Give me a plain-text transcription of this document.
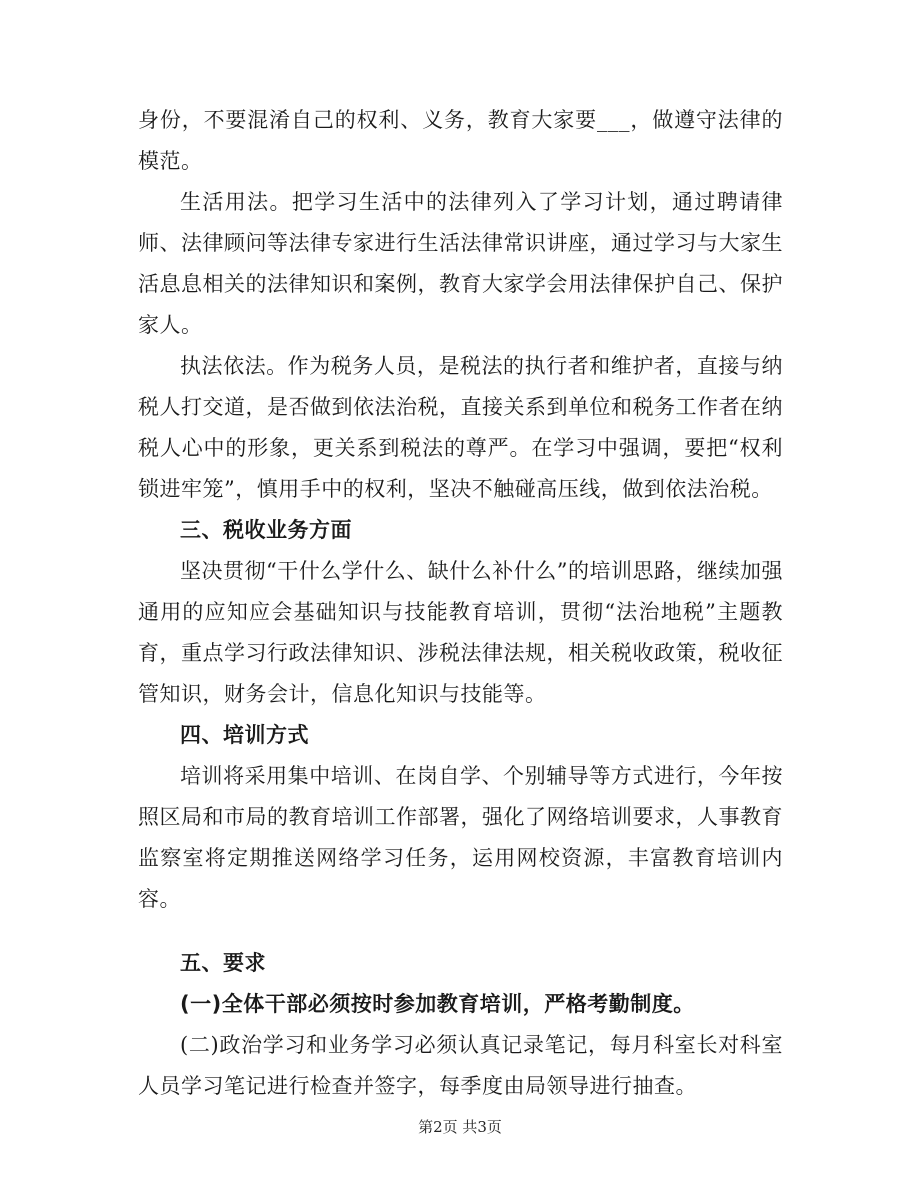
身份，不要混淆自己的权利、义务，教育大家要___，做遵守法律的模范。

生活用法。把学习生活中的法律列入了学习计划，通过聘请律师、法律顾问等法律专家进行生活法律常识讲座，通过学习与大家生活息息相关的法律知识和案例，教育大家学会用法律保护自己、保护家人。

执法依法。作为税务人员，是税法的执行者和维护者，直接与纳税人打交道，是否做到依法治税，直接关系到单位和税务工作者在纳税人心中的形象，更关系到税法的尊严。在学习中强调，要把“权利锁进牢笼”，慎用手中的权利，坚决不触碰高压线，做到依法治税。

三、税收业务方面

坚决贯彻“干什么学什么、缺什么补什么”的培训思路，继续加强通用的应知应会基础知识与技能教育培训，贯彻“法治地税”主题教育，重点学习行政法律知识、涉税法律法规，相关税收政策，税收征管知识，财务会计，信息化知识与技能等。

四、培训方式

培训将采用集中培训、在岗自学、个别辅导等方式进行，今年按照区局和市局的教育培训工作部署，强化了网络培训要求，人事教育监察室将定期推送网络学习任务，运用网校资源，丰富教育培训内容。

五、要求

(一)全体干部必须按时参加教育培训，严格考勤制度。

(二)政治学习和业务学习必须认真记录笔记，每月科室长对科室人员学习笔记进行检查并签字，每季度由局领导进行抽查。

第2页 共3页
